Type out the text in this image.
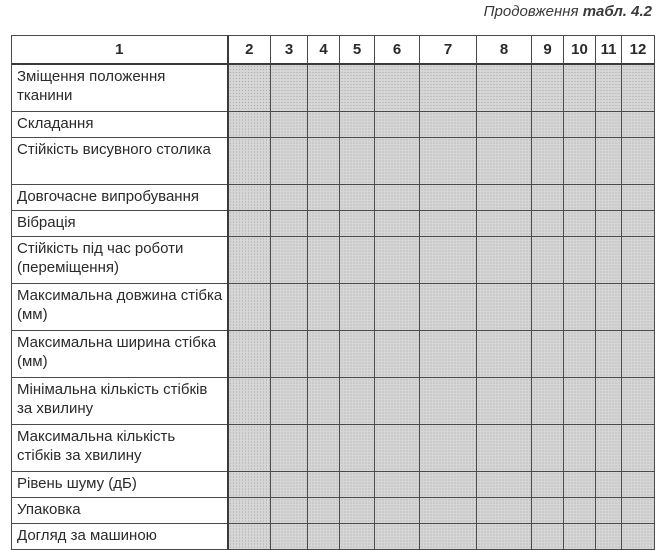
Продовження табл. 4.2
1	2	3	4	5	6	7	8	9	10	11	12
Зміщення положення тканини											
Складання											
Стійкість висувного столика											
Довгочасне випробування											
Вібрація											
Стійкість під час роботи (переміщення)											
Максимальна довжина стібка (мм)											
Максимальна ширина стібка (мм)											
Мінімальна кількість стібків за хвилину											
Максимальна кількість стібків за хвилину											
Рівень шуму (дБ)											
Упаковка											
Догляд за машиною											
